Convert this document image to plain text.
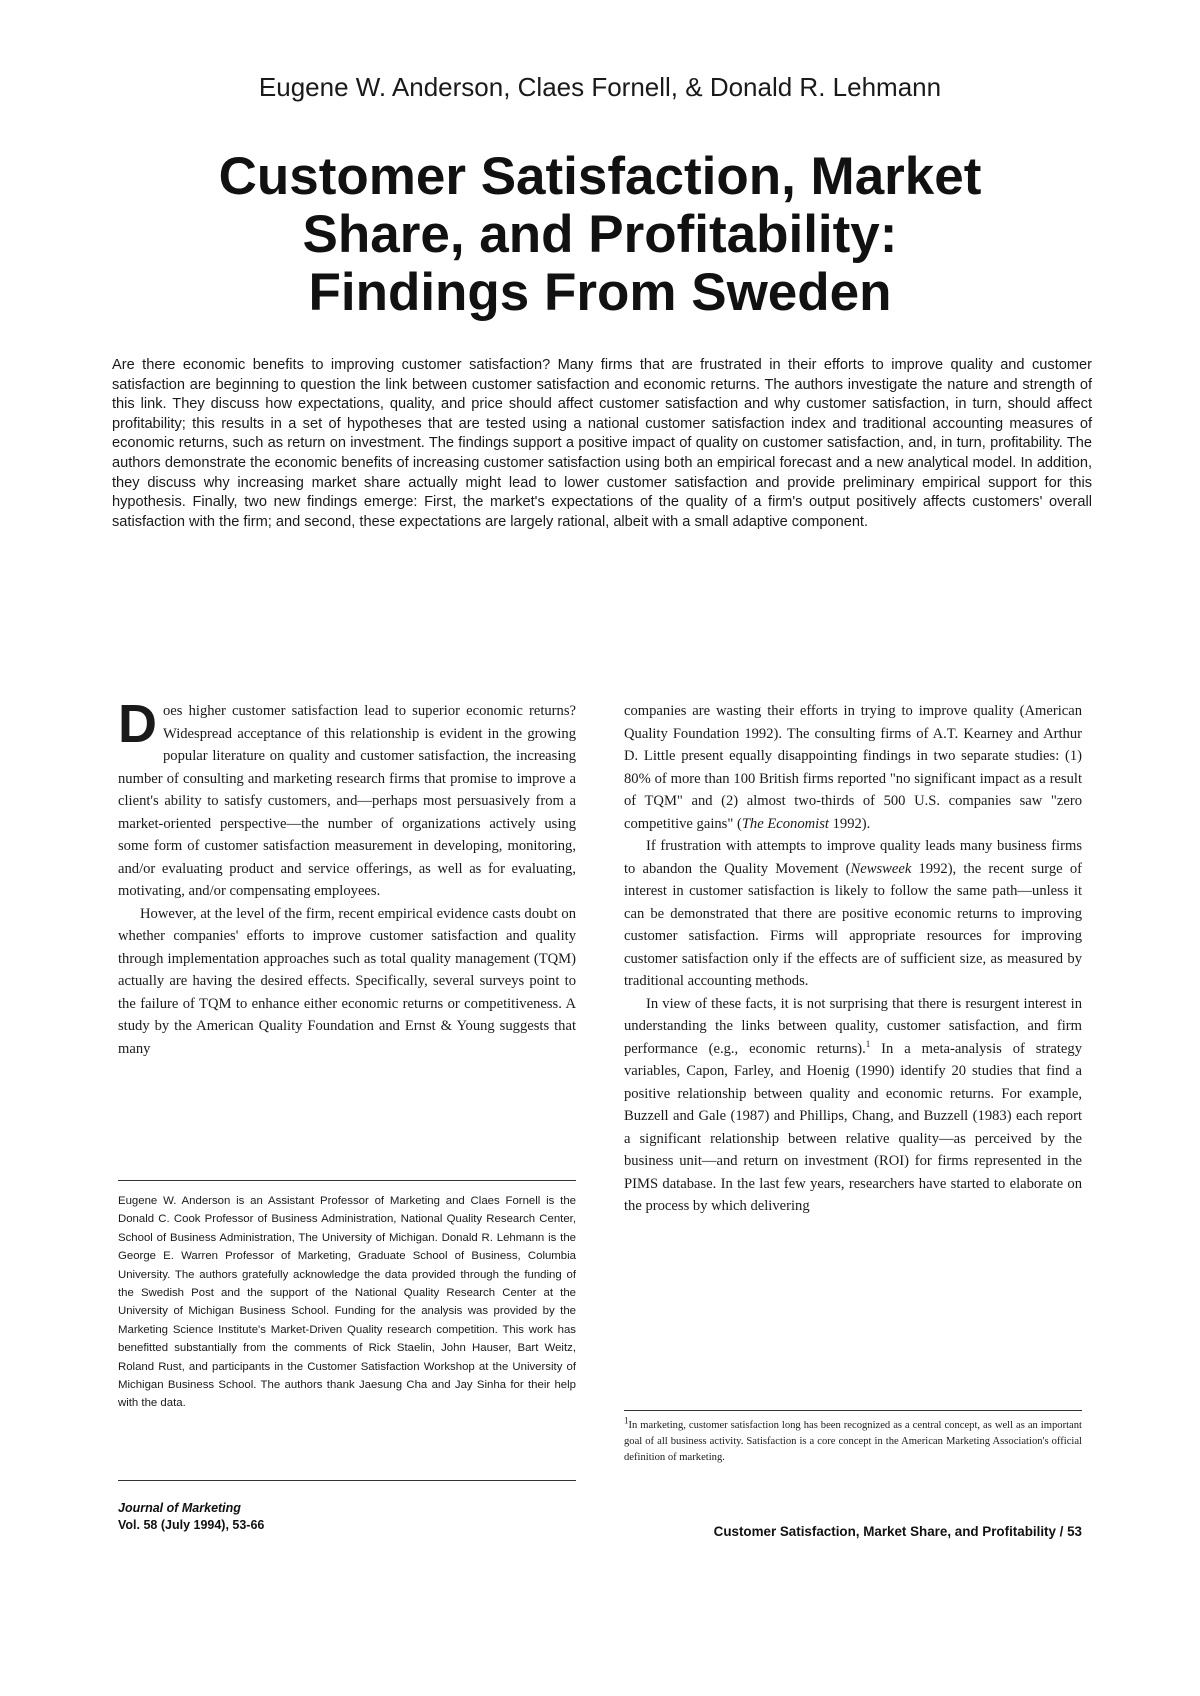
Eugene W. Anderson, Claes Fornell, & Donald R. Lehmann
Customer Satisfaction, Market
Share, and Profitability:
Findings From Sweden
Are there economic benefits to improving customer satisfaction? Many firms that are frustrated in their efforts to improve quality and customer satisfaction are beginning to question the link between customer satisfaction and economic returns. The authors investigate the nature and strength of this link. They discuss how expectations, quality, and price should affect customer satisfaction and why customer satisfaction, in turn, should affect profitability; this results in a set of hypotheses that are tested using a national customer satisfaction index and traditional accounting measures of economic returns, such as return on investment. The findings support a positive impact of quality on customer satisfaction, and, in turn, profitability. The authors demonstrate the economic benefits of increasing customer satisfaction using both an empirical forecast and a new analytical model. In addition, they discuss why increasing market share actually might lead to lower customer satisfaction and provide preliminary empirical support for this hypothesis. Finally, two new findings emerge: First, the market's expectations of the quality of a firm's output positively affects customers' overall satisfaction with the firm; and second, these expectations are largely rational, albeit with a small adaptive component.

Does higher customer satisfaction lead to superior economic returns? Widespread acceptance of this relationship is evident in the growing popular literature on quality and customer satisfaction, the increasing number of consulting and marketing research firms that promise to improve a client's ability to satisfy customers, and—perhaps most persuasively from a market-oriented perspective—the number of organizations actively using some form of customer satisfaction measurement in developing, monitoring, and/or evaluating product and service offerings, as well as for evaluating, motivating, and/or compensating employees.

However, at the level of the firm, recent empirical evidence casts doubt on whether companies' efforts to improve customer satisfaction and quality through implementation approaches such as total quality management (TQM) actually are having the desired effects. Specifically, several surveys point to the failure of TQM to enhance either economic returns or competitiveness. A study by the American Quality Foundation and Ernst & Young suggests that many

companies are wasting their efforts in trying to improve quality (American Quality Foundation 1992). The consulting firms of A.T. Kearney and Arthur D. Little present equally disappointing findings in two separate studies: (1) 80% of more than 100 British firms reported "no significant impact as a result of TQM" and (2) almost two-thirds of 500 U.S. companies saw "zero competitive gains" (The Economist 1992).

If frustration with attempts to improve quality leads many business firms to abandon the Quality Movement (Newsweek 1992), the recent surge of interest in customer satisfaction is likely to follow the same path—unless it can be demonstrated that there are positive economic returns to improving customer satisfaction. Firms will appropriate resources for improving customer satisfaction only if the effects are of sufficient size, as measured by traditional accounting methods.

In view of these facts, it is not surprising that there is resurgent interest in understanding the links between quality, customer satisfaction, and firm performance (e.g., economic returns).$^1$ In a meta-analysis of strategy variables, Capon, Farley, and Hoenig (1990) identify 20 studies that find a positive relationship between quality and economic returns. For example, Buzzell and Gale (1987) and Phillips, Chang, and Buzzell (1983) each report a significant relationship between relative quality—as perceived by the business unit—and return on investment (ROI) for firms represented in the PIMS database. In the last few years, researchers have started to elaborate on the process by which delivering

Eugene W. Anderson is an Assistant Professor of Marketing and Claes Fornell is the Donald C. Cook Professor of Business Administration, National Quality Research Center, School of Business Administration, The University of Michigan. Donald R. Lehmann is the George E. Warren Professor of Marketing, Graduate School of Business, Columbia University. The authors gratefully acknowledge the data provided through the funding of the Swedish Post and the support of the National Quality Research Center at the University of Michigan Business School. Funding for the analysis was provided by the Marketing Science Institute's Market-Driven Quality research competition. This work has benefitted substantially from the comments of Rick Staelin, John Hauser, Bart Weitz, Roland Rust, and participants in the Customer Satisfaction Workshop at the University of Michigan Business School. The authors thank Jaesung Cha and Jay Sinha for their help with the data.
$^1$In marketing, customer satisfaction long has been recognized as a central concept, as well as an important goal of all business activity. Satisfaction is a core concept in the American Marketing Association's official definition of marketing.
Journal of Marketing
Vol. 58 (July 1994), 53-66	Customer Satisfaction, Market Share, and Profitability / 53
